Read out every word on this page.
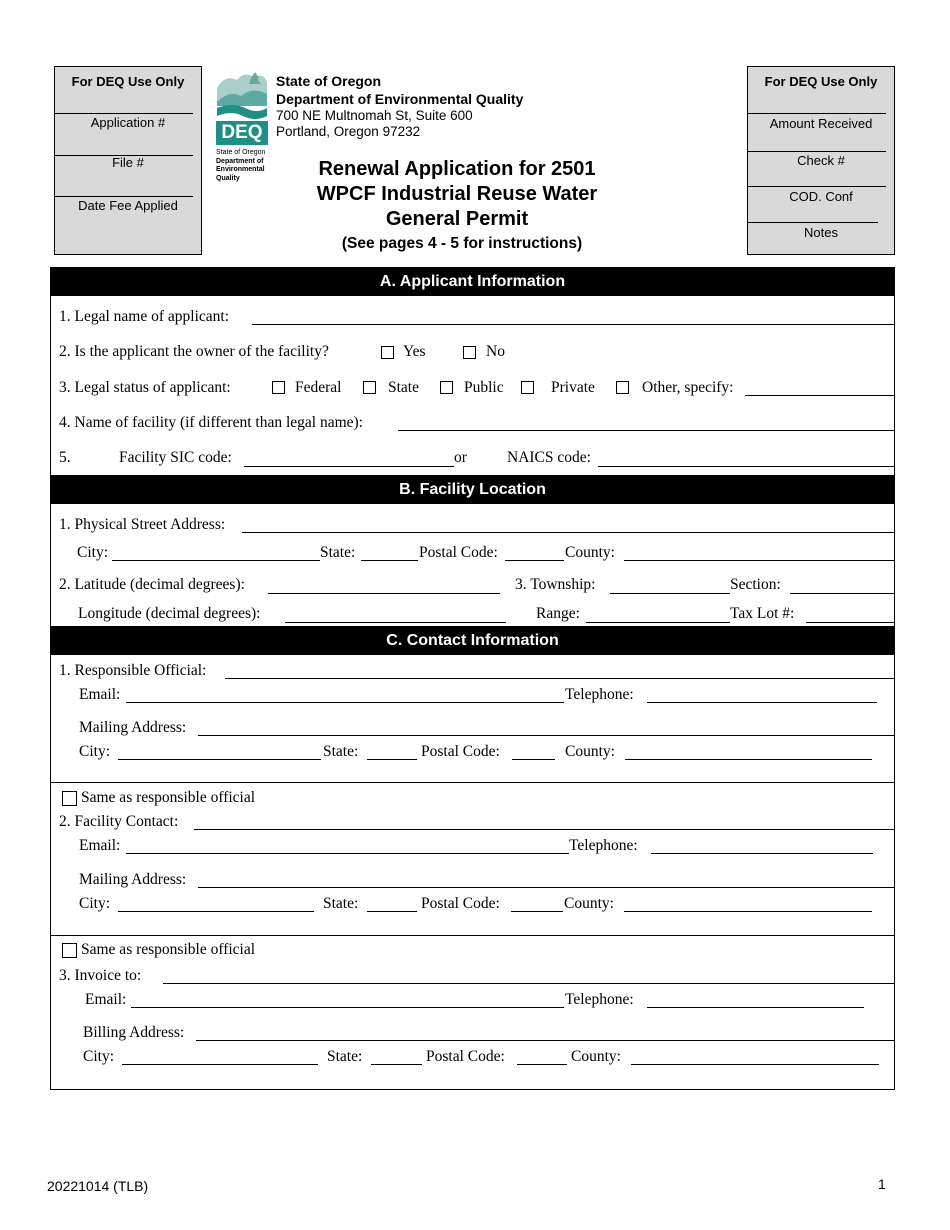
For DEQ Use Only
Application #
File #
Date Fee Applied
DEQ
State of Oregon
Department of
Environmental
Quality
State of Oregon
Department of Environmental Quality
700 NE Multnomah St, Suite 600
Portland, Oregon 97232
Renewal Application for 2501
WPCF Industrial Reuse Water
General Permit
(See pages 4 - 5 for instructions)
For DEQ Use Only
Amount Received
Check #
COD. Conf
Notes
A. Applicant Information
1. Legal name of applicant:
2. Is the applicant the owner of the facility?	Yes	No
3. Legal status of applicant:	Federal	State	Public	Private	Other, specify:
4. Name of facility (if different than legal name):
5.	Facility SIC code:	or	NAICS code:
B. Facility Location
1. Physical Street Address:
City:	State:	Postal Code:	County:
2. Latitude (decimal degrees):	3. Township:	Section:
Longitude (decimal degrees):	Range:	Tax Lot #:
C. Contact Information
1. Responsible Official:
Email:	Telephone:
Mailing Address:
City:	State:	Postal Code:	County:
Same as responsible official
2. Facility Contact:
Email:	Telephone:
Mailing Address:
City:	State:	Postal Code:	County:
Same as responsible official
3. Invoice to:
Email:	Telephone:
Billing Address:
City:	State:	Postal Code:	County:
20221014 (TLB)	1
